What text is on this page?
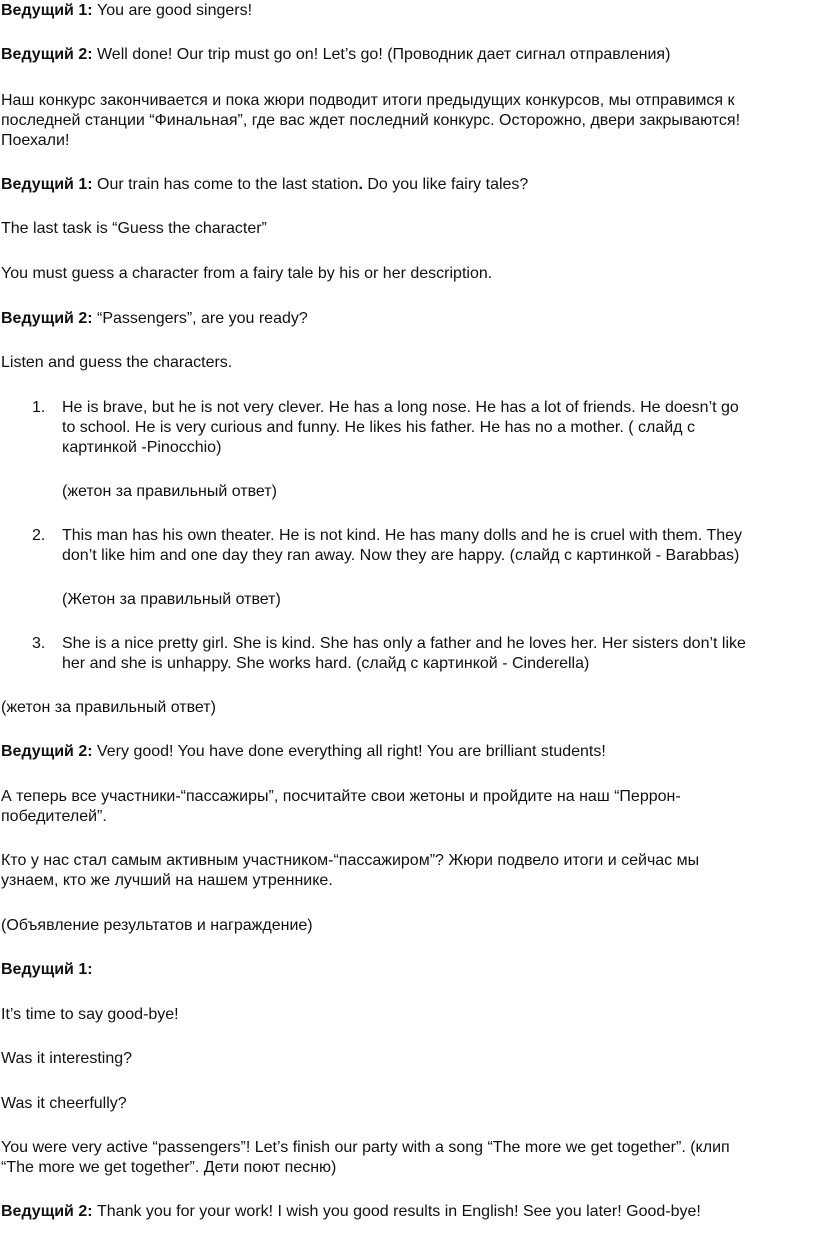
Ведущий 1: You are good singers!

Ведущий 2: Well done! Our trip must go on! Let’s go! (Проводник дает сигнал отправления)

Наш конкурс закончивается и пока жюри подводит итоги предыдущих конкурсов, мы отправимся к
последней станции “Финальная”, где вас ждет последний конкурс. Осторожно, двери закрываются!
Поехали!

Ведущий 1: Our train has come to the last station. Do you like fairy tales?

The last task is “Guess the character”

You must guess a character from a fairy tale by his or her description.

Ведущий 2: “Passengers”, are you ready?

Listen and guess the characters.

1.	He is brave, but he is not very clever. He has a long nose. He has a lot of friends. He doesn’t go
to school. He is very curious and funny. He likes his father. He has no a mother. ( слайд с
картинкой -Pinocchio)

(жетон за правильный ответ)

2.	This man has his own theater. He is not kind. He has many dolls and he is cruel with them. They
don’t like him and one day they ran away. Now they are happy. (слайд с картинкой - Barabbas)

(Жетон за правильный ответ)

3.	She is a nice pretty girl. She is kind. She has only a father and he loves her. Her sisters don’t like
her and she is unhappy. She works hard. (слайд с картинкой - Cinderella)

(жетон за правильный ответ)

Ведущий 2: Very good! You have done everything all right! You are brilliant students!

А теперь все участники-“пассажиры”, посчитайте свои жетоны и пройдите на наш “Перрон-
победителей”.
Кто у нас стал самым активным участником-“пассажиром”? Жюри подвело итоги и сейчас мы
узнаем, кто же лучший на нашем утреннике.

(Объявление результатов и награждение)

Ведущий 1:

It’s time to say good-bye!

Was it interesting?

Was it cheerfully?

You were very active “passengers”! Let’s finish our party with a song “The more we get together”. (клип
“The more we get together”. Дети поют песню)

Ведущий 2: Thank you for your work! I wish you good results in English! See you later! Good-bye!
